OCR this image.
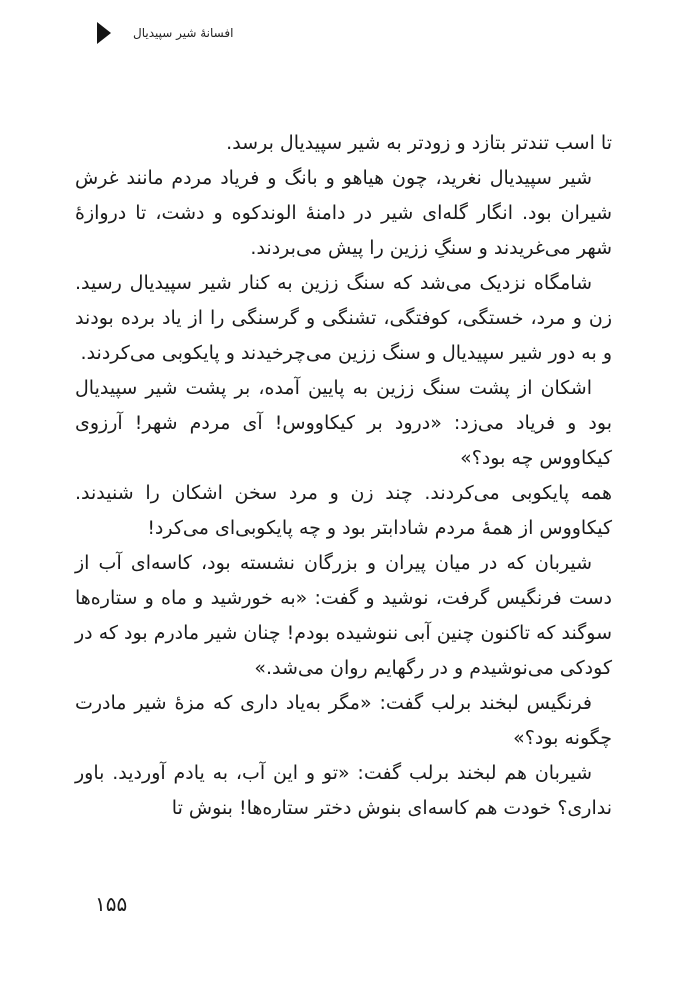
افسانهٔ شیر سپیدیال

تا اسب تندتر بتازد و زودتر به شیر سپیدیال برسد.

شیر سپیدیال نغرید، چون هیاهو و بانگ و فریاد مردم مانند غرش شیران بود. انگار گله‌ای شیر در دامنهٔ الوندکوه و دشت، تا دروازهٔ شهر می‌غریدند و سنگِ ززین را پیش می‌بردند.

شامگاه نزدیک می‌شد که سنگ ززین به کنار شیر سپیدیال رسید. زن و مرد، خستگی، کوفتگی، تشنگی و گرسنگی را از یاد برده بودند و به دور شیر سپیدیال و سنگ ززین می‌چرخیدند و پایکوبی می‌کردند.

اشکان از پشت سنگ ززین به پایین آمده، بر پشت شیر سپیدیال بود و فریاد می‌زد: «درود بر کیکاووس! آی مردم شهر! آرزوی کیکاووس چه بود؟»

همه پایکوبی می‌کردند. چند زن و مرد سخن اشکان را شنیدند. کیکاووس از همهٔ مردم شادابتر بود و چه پایکوبی‌ای می‌کرد!

شیربان که در میان پیران و بزرگان نشسته بود، کاسه‌ای آب از دست فرنگیس گرفت، نوشید و گفت: «به خورشید و ماه و ستاره‌ها سوگند که تاکنون چنین آبی ننوشیده بودم! چنان شیر مادرم بود که در کودکی می‌نوشیدم و در رگهایم روان می‌شد.»

فرنگیس لبخند برلب گفت: «مگر به‌یاد داری که مزهٔ شیر مادرت چگونه بود؟»

شیربان هم لبخند برلب گفت: «تو و این آب، به یادم آوردید. باور نداری؟ خودت هم کاسه‌ای بنوش دختر ستاره‌ها! بنوش تا

۱۵۵
